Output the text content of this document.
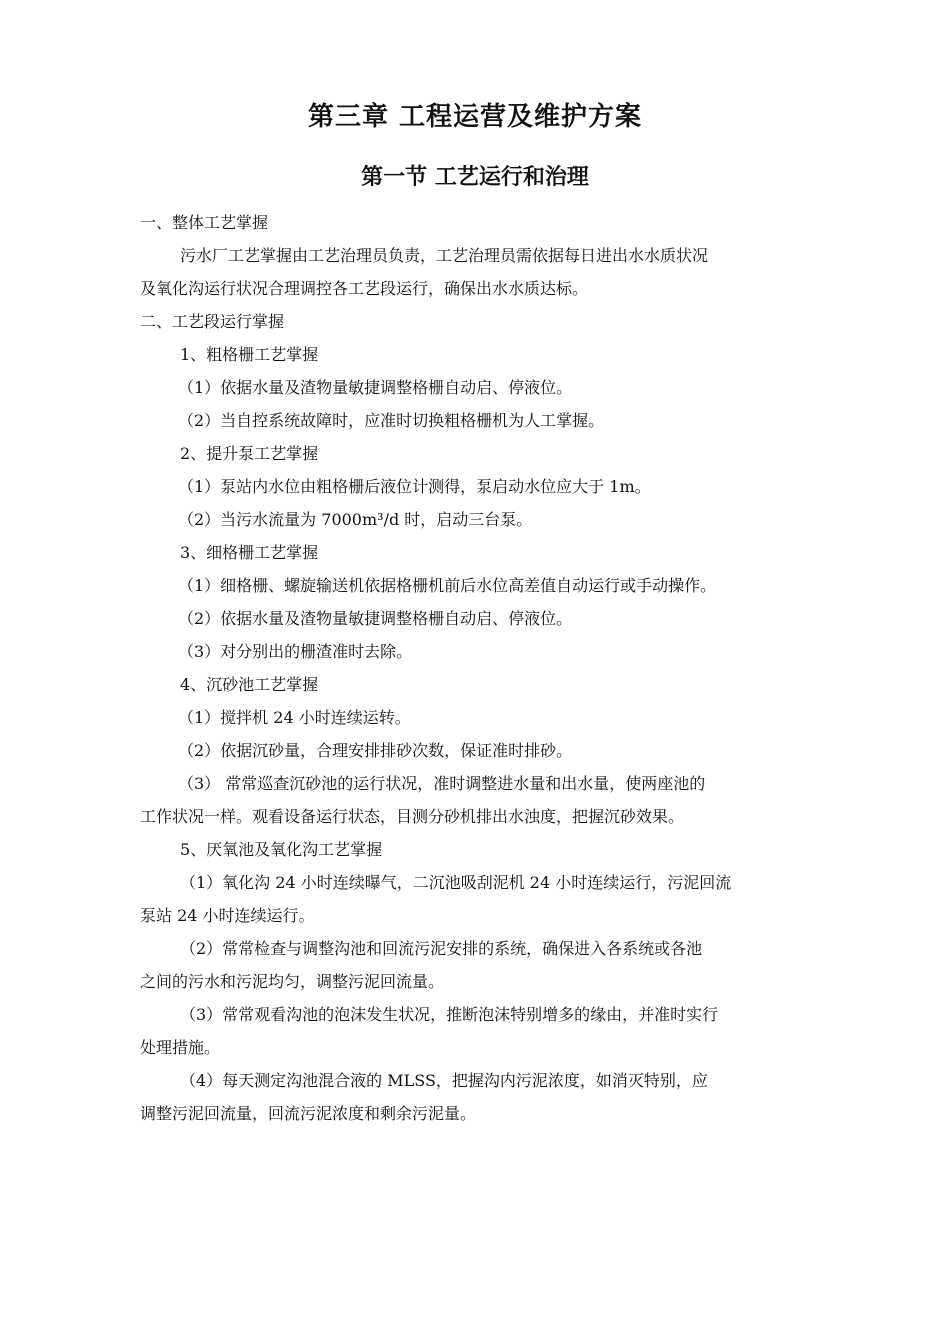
第三章 工程运营及维护方案
第一节 工艺运行和治理
一、整体工艺掌握
污水厂工艺掌握由工艺治理员负责，工艺治理员需依据每日进出水水质状况
及氧化沟运行状况合理调控各工艺段运行，确保出水水质达标。
二、工艺段运行掌握
1、粗格栅工艺掌握
（1）依据水量及渣物量敏捷调整格栅自动启、停液位。
（2）当自控系统故障时，应准时切换粗格栅机为人工掌握。
2、提升泵工艺掌握
（1）泵站内水位由粗格栅后液位计测得，泵启动水位应大于 1m。
（2）当污水流量为 7000m³/d 时，启动三台泵。
3、细格栅工艺掌握
（1）细格栅、螺旋输送机依据格栅机前后水位高差值自动运行或手动操作。
（2）依据水量及渣物量敏捷调整格栅自动启、停液位。
（3）对分别出的栅渣准时去除。
4、沉砂池工艺掌握
（1）搅拌机 24 小时连续运转。
（2）依据沉砂量，合理安排排砂次数，保证准时排砂。
（3） 常常巡查沉砂池的运行状况，准时调整进水量和出水量，使两座池的
工作状况一样。观看设备运行状态，目测分砂机排出水浊度，把握沉砂效果。
5、厌氧池及氧化沟工艺掌握
（1）氧化沟 24 小时连续曝气，二沉池吸刮泥机 24 小时连续运行，污泥回流
泵站 24 小时连续运行。
（2）常常检查与调整沟池和回流污泥安排的系统，确保进入各系统或各池
之间的污水和污泥均匀，调整污泥回流量。
（3）常常观看沟池的泡沫发生状况，推断泡沫特别增多的缘由，并准时实行
处理措施。
（4）每天测定沟池混合液的 MLSS，把握沟内污泥浓度，如消灭特别，应
调整污泥回流量，回流污泥浓度和剩余污泥量。
